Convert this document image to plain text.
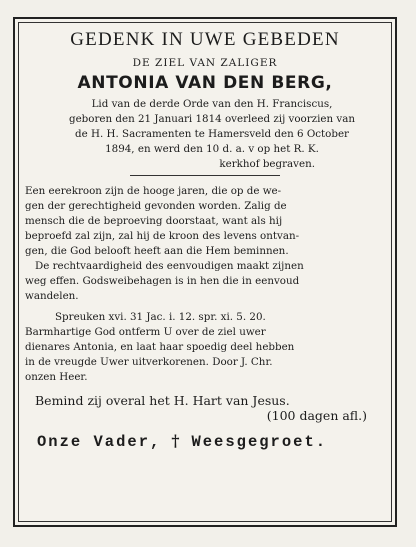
GEDENK IN UWE GEBEDEN
DE ZIEL VAN ZALIGER
ANTONIA VAN DEN BERG,
Lid van de derde Orde van den H. Franciscus,
geboren den 21 Januari 1814 overleed zij voorzien van
de H. H. Sacramenten te Hamersveld den 6 October
1894, en werd den 10 d. a. v op het R. K.
kerkhof begraven.
Een eerekroon zijn de hooge jaren, die op de we-
gen der gerechtigheid gevonden worden. Zalig de
mensch die de beproeving doorstaat, want als hij
beproefd zal zijn, zal hij de kroon des levens ontvan-
gen, die God belooft heeft aan die Hem beminnen.
De rechtvaardigheid des eenvoudigen maakt zijnen
weg effen. Godsweibehagen is in hen die in eenvoud
wandelen.
Spreuken xvi. 31 Jac. i. 12. spr. xi. 5. 20.
Barmhartige God ontferm U over de ziel uwer
dienares Antonia, en laat haar spoedig deel hebben
in de vreugde Uwer uitverkorenen. Door J. Chr.
onzen Heer.
Bemind zij overal het H. Hart van Jesus.
(100 dagen afl.)
Onze Vader, † Weesgegroet.
